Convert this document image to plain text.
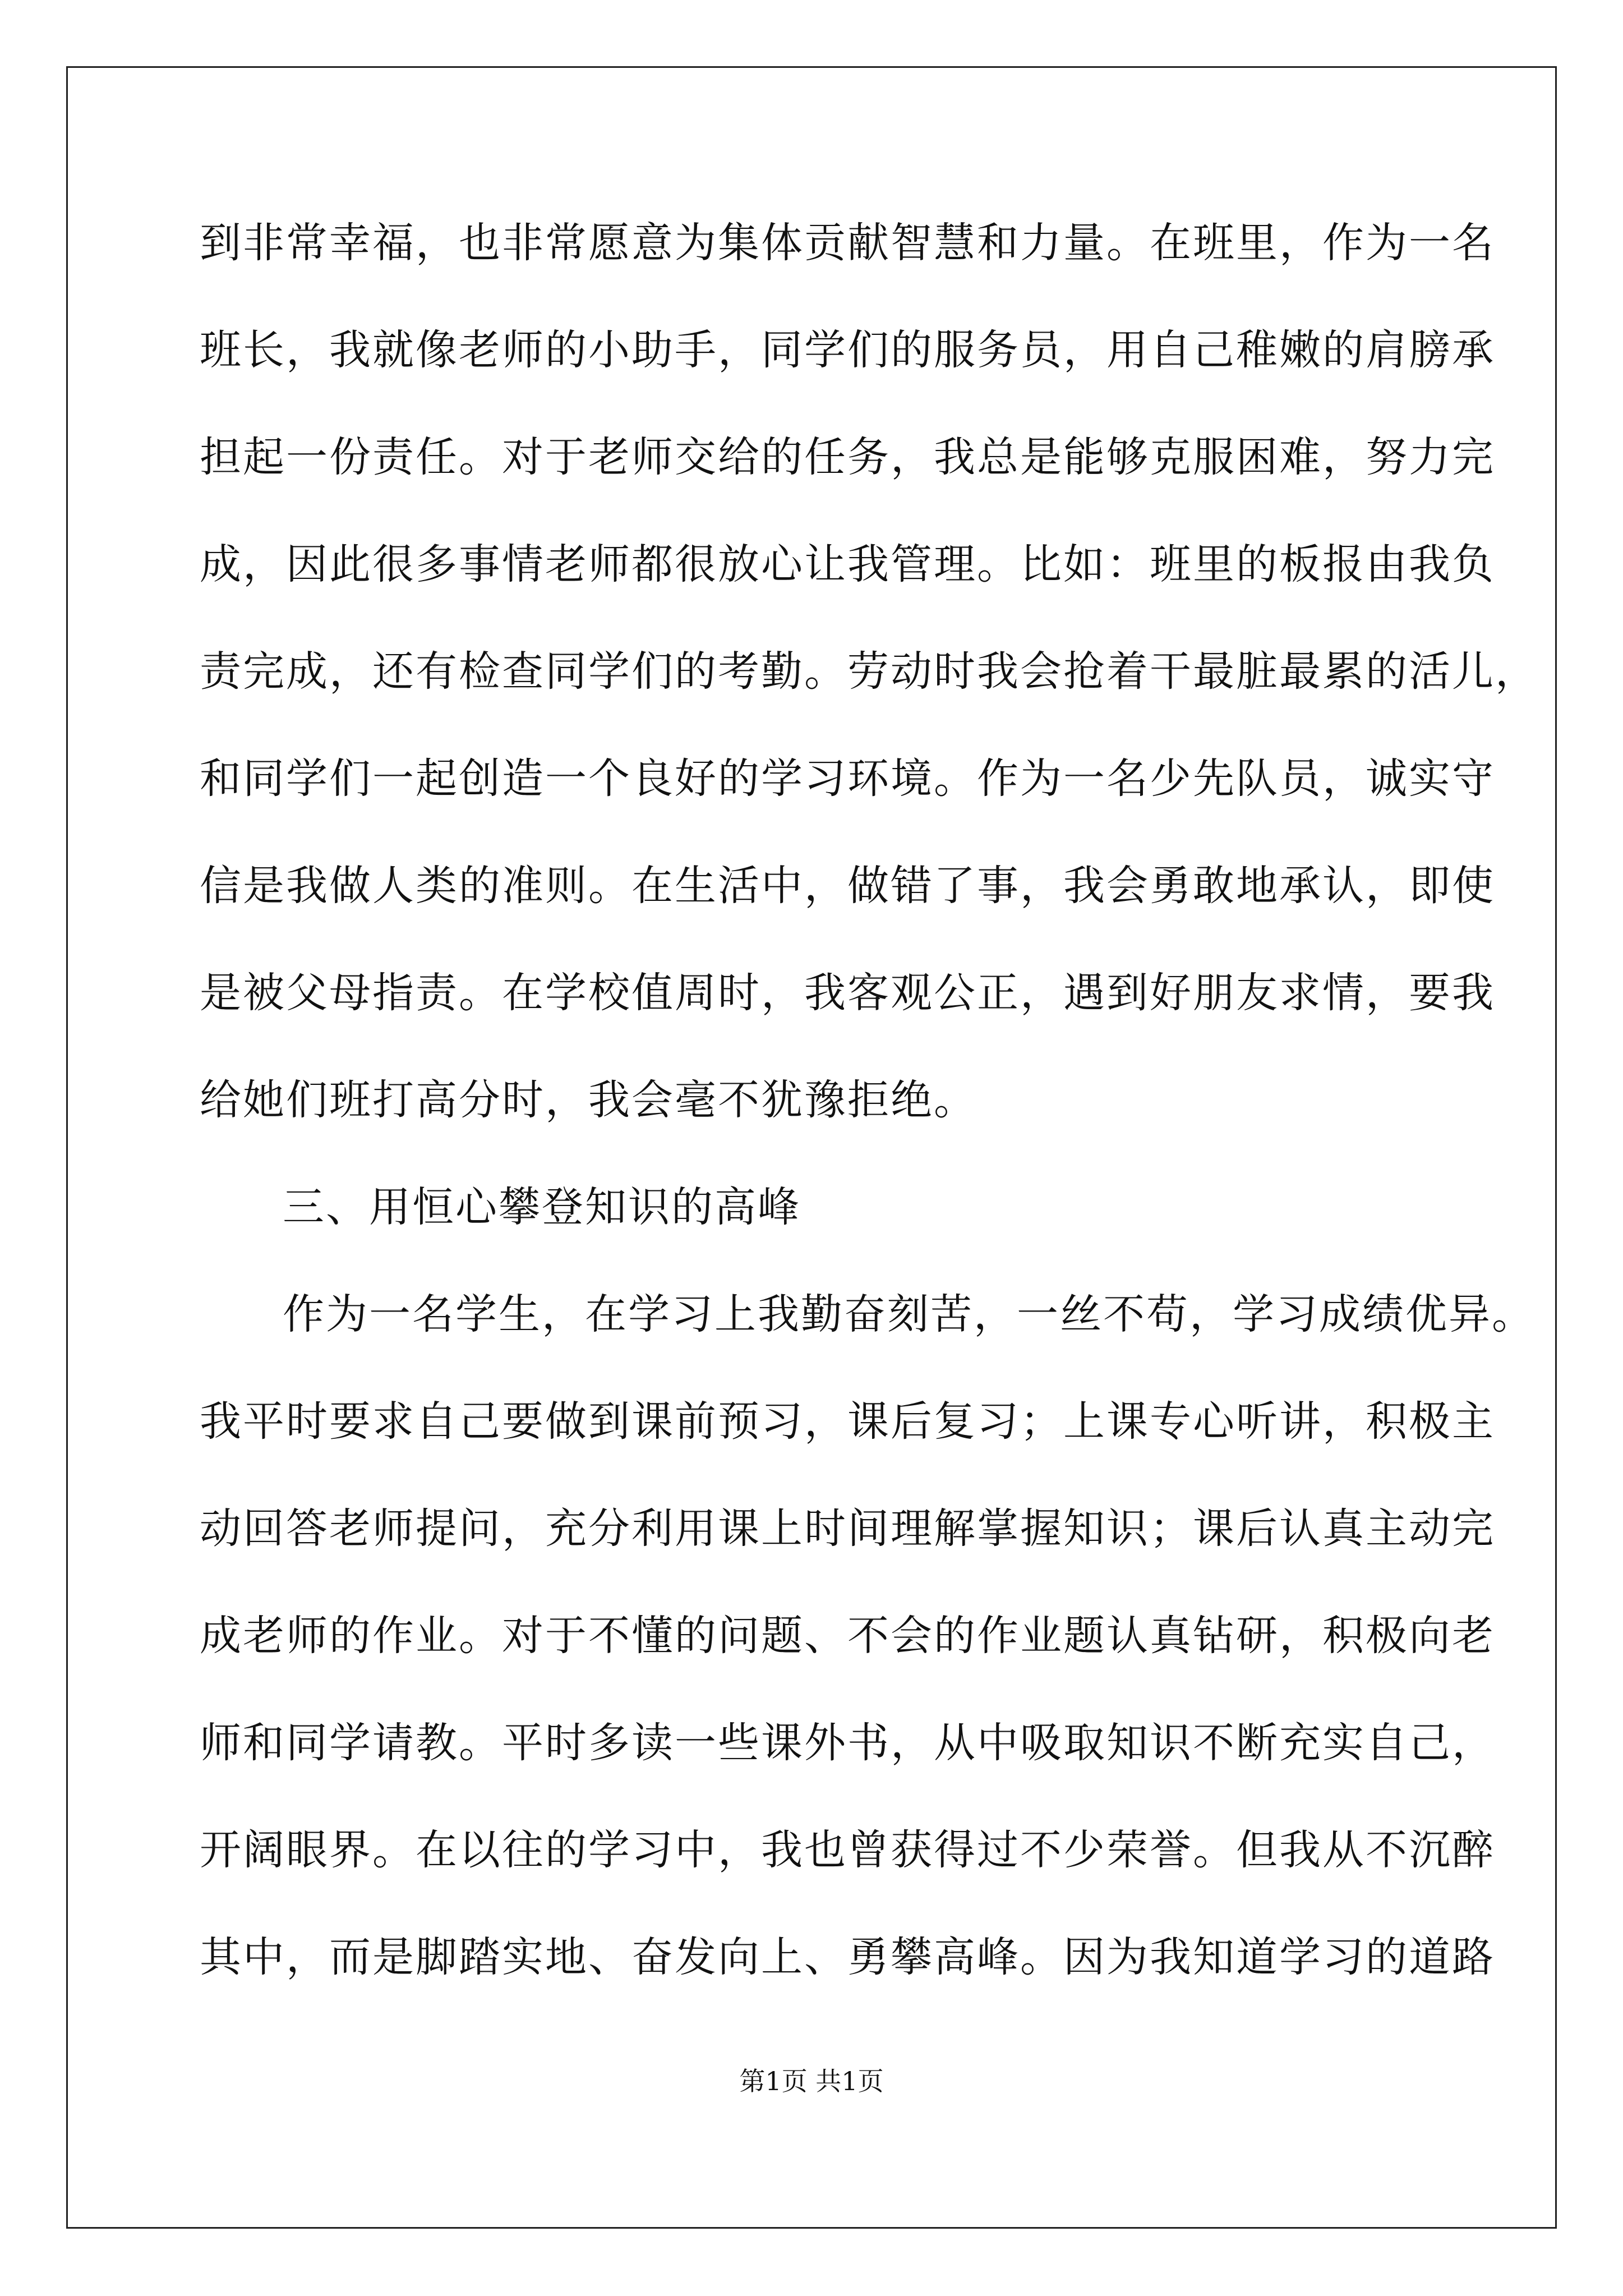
到非常幸福，也非常愿意为集体贡献智慧和力量。在班里，作为一名
班长，我就像老师的小助手，同学们的服务员，用自己稚嫩的肩膀承
担起一份责任。对于老师交给的任务，我总是能够克服困难，努力完
成，因此很多事情老师都很放心让我管理。比如：班里的板报由我负
责完成，还有检查同学们的考勤。劳动时我会抢着干最脏最累的活儿，
和同学们一起创造一个良好的学习环境。作为一名少先队员，诚实守
信是我做人类的准则。在生活中，做错了事，我会勇敢地承认，即使
是被父母指责。在学校值周时，我客观公正，遇到好朋友求情，要我
给她们班打高分时，我会毫不犹豫拒绝。
三、用恒心攀登知识的高峰
作为一名学生，在学习上我勤奋刻苦，一丝不苟，学习成绩优异。
我平时要求自己要做到课前预习，课后复习；上课专心听讲，积极主
动回答老师提问，充分利用课上时间理解掌握知识；课后认真主动完
成老师的作业。对于不懂的问题、不会的作业题认真钻研，积极向老
师和同学请教。平时多读一些课外书，从中吸取知识不断充实自己，
开阔眼界。在以往的学习中，我也曾获得过不少荣誉。但我从不沉醉
其中，而是脚踏实地、奋发向上、勇攀高峰。因为我知道学习的道路
第1页 共1页
